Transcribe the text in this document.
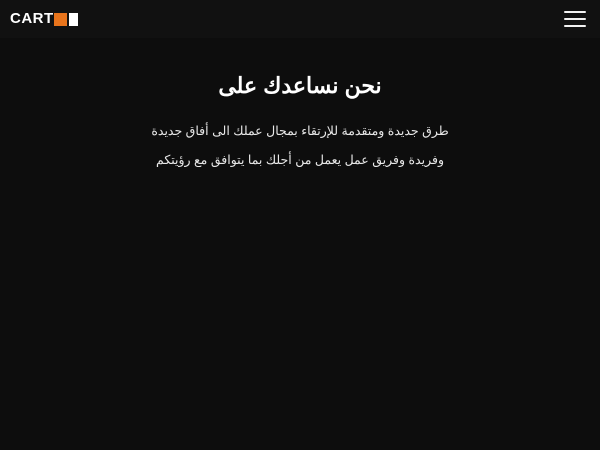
CART
نحن نساعدك على

طرق جديدة ومتقدمة للإرتقاء بمجال عملك الى أفاق جديدة وفريدة وفريق عمل يعمل من أجلك بما يتوافق مع رؤيتكم
